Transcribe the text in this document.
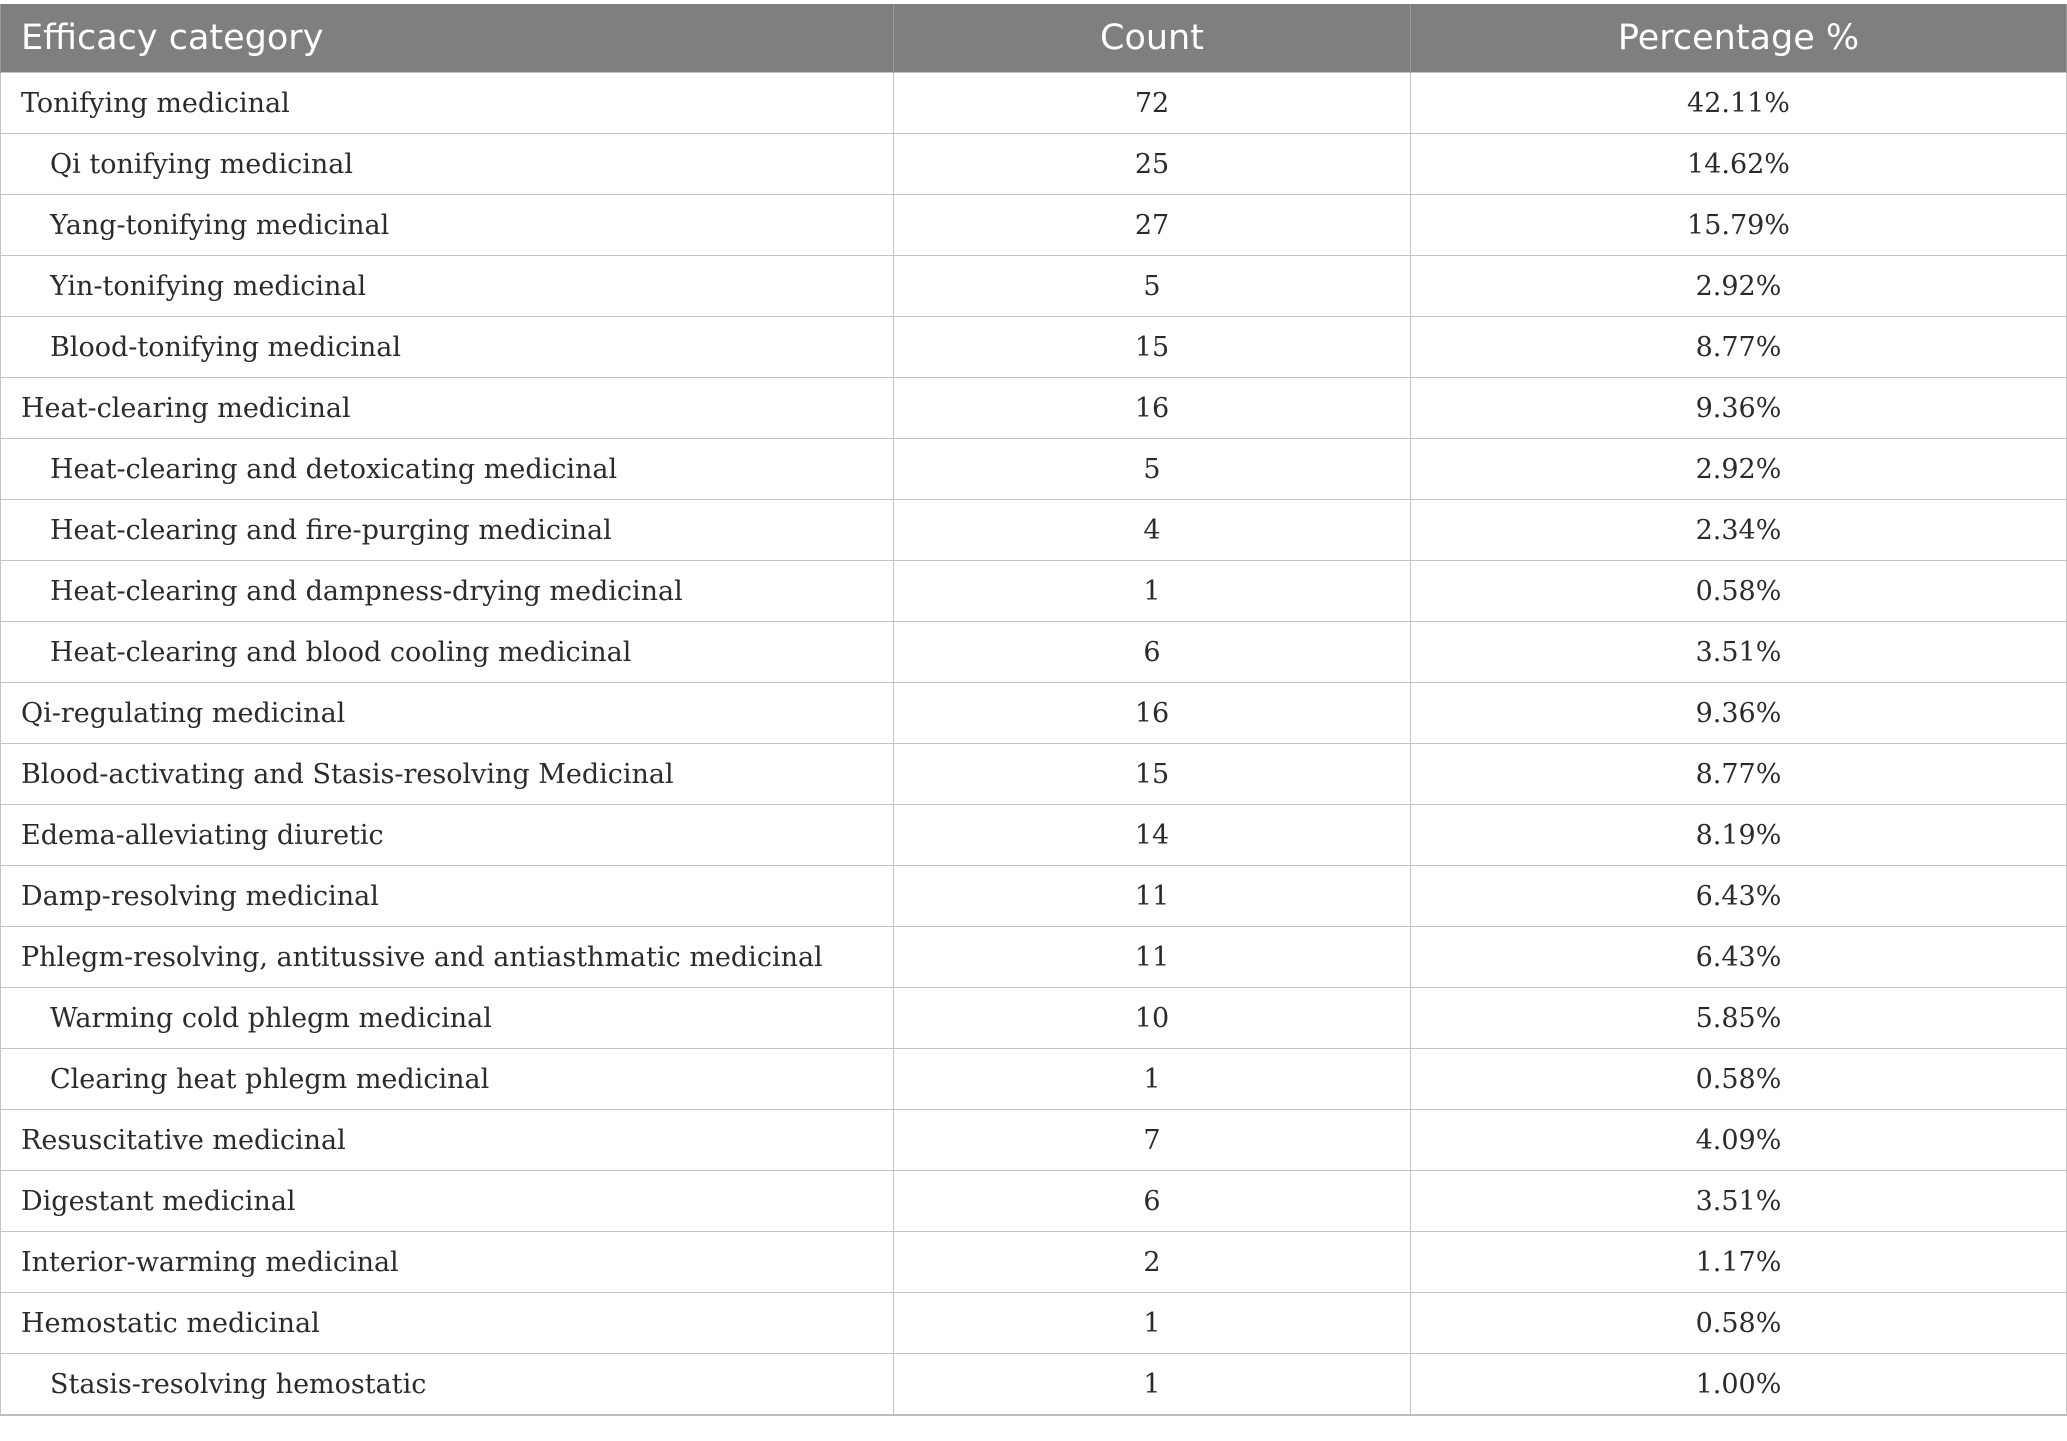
Efficacy category	Count	Percentage %
Tonifying medicinal	72	42.11%
Qi tonifying medicinal	25	14.62%
Yang-tonifying medicinal	27	15.79%
Yin-tonifying medicinal	5	2.92%
Blood-tonifying medicinal	15	8.77%
Heat-clearing medicinal	16	9.36%
Heat-clearing and detoxicating medicinal	5	2.92%
Heat-clearing and fire-purging medicinal	4	2.34%
Heat-clearing and dampness-drying medicinal	1	0.58%
Heat-clearing and blood cooling medicinal	6	3.51%
Qi-regulating medicinal	16	9.36%
Blood-activating and Stasis-resolving Medicinal	15	8.77%
Edema-alleviating diuretic	14	8.19%
Damp-resolving medicinal	11	6.43%
Phlegm-resolving, antitussive and antiasthmatic medicinal	11	6.43%
Warming cold phlegm medicinal	10	5.85%
Clearing heat phlegm medicinal	1	0.58%
Resuscitative medicinal	7	4.09%
Digestant medicinal	6	3.51%
Interior-warming medicinal	2	1.17%
Hemostatic medicinal	1	0.58%
Stasis-resolving hemostatic	1	1.00%
